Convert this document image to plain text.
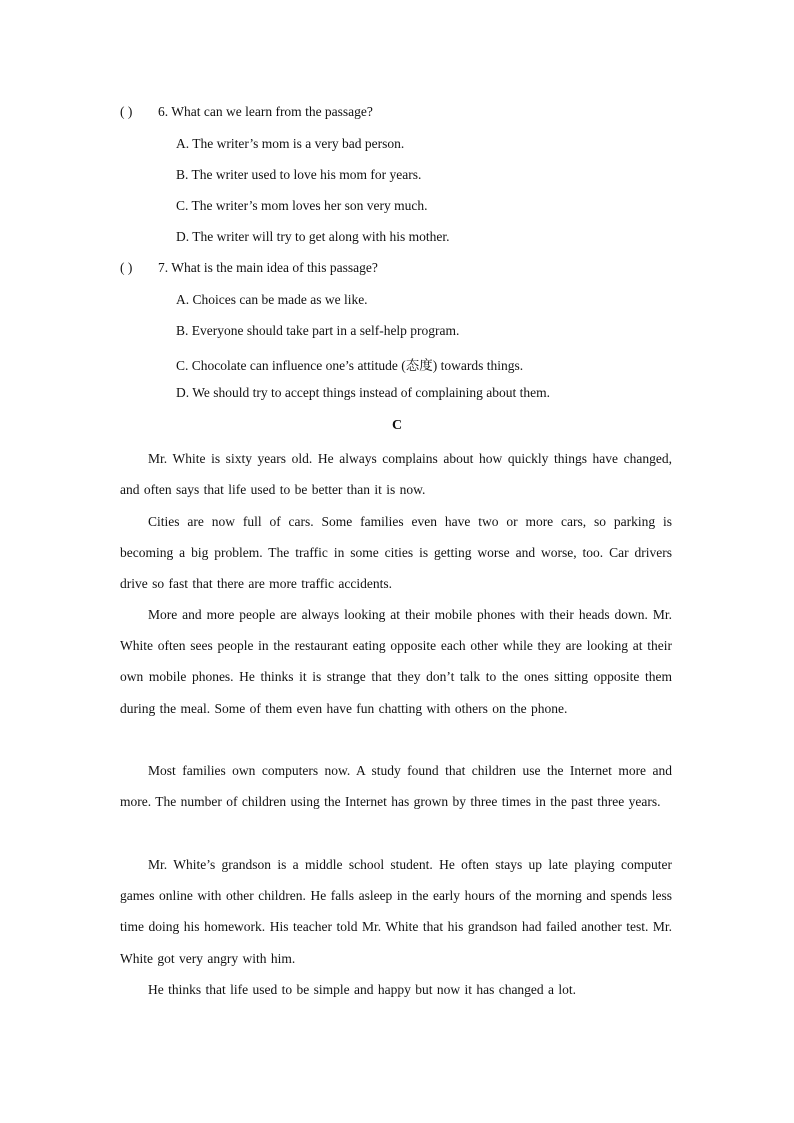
( ) 6. What can we learn from the passage?
A. The writer’s mom is a very bad person.
B. The writer used to love his mom for years.
C. The writer’s mom loves her son very much.
D. The writer will try to get along with his mother.
( ) 7. What is the main idea of this passage?
A. Choices can be made as we like.
B. Everyone should take part in a self-help program.
C. Chocolate can influence one’s attitude (态度) towards things.
D. We should try to accept things instead of complaining about them.
C

Mr. White is sixty years old. He always complains about how quickly things have changed, and often says that life used to be better than it is now.

Cities are now full of cars. Some families even have two or more cars, so parking is becoming a big problem. The traffic in some cities is getting worse and worse, too. Car drivers drive so fast that there are more traffic accidents.

More and more people are always looking at their mobile phones with their heads down. Mr. White often sees people in the restaurant eating opposite each other while they are looking at their own mobile phones. He thinks it is strange that they don’t talk to the ones sitting opposite them during the meal. Some of them even have fun chatting with others on the phone.

Most families own computers now. A study found that children use the Internet more and more. The number of children using the Internet has grown by three times in the past three years.

Mr. White’s grandson is a middle school student. He often stays up late playing computer games online with other children. He falls asleep in the early hours of the morning and spends less time doing his homework. His teacher told Mr. White that his grandson had failed another test. Mr. White got very angry with him.

He thinks that life used to be simple and happy but now it has changed a lot.
